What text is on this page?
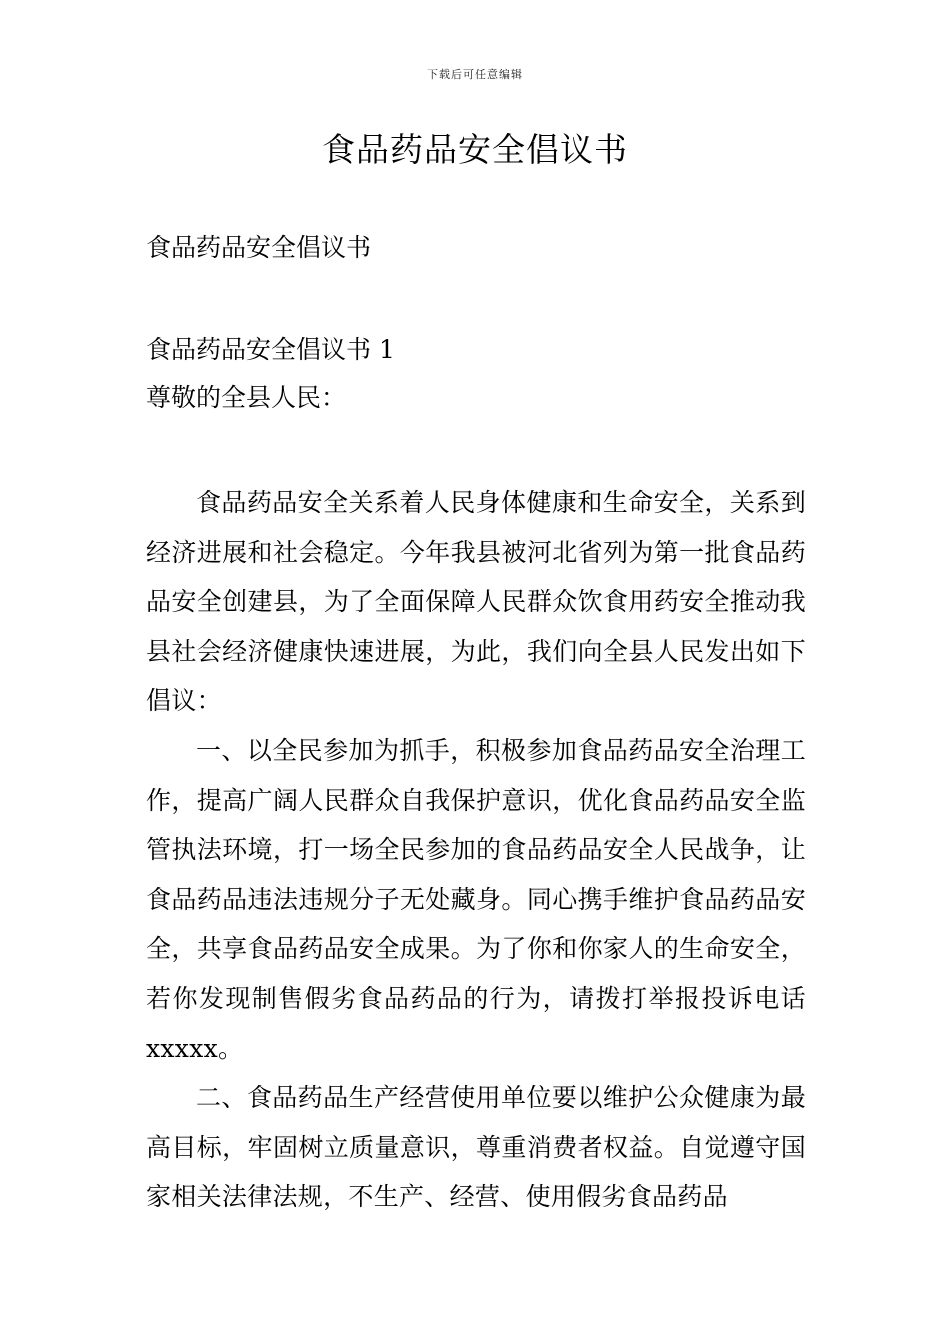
下载后可任意编辑
食品药品安全倡议书
食品药品安全倡议书
食品药品安全倡议书 1
尊敬的全县人民：

食品药品安全关系着人民身体健康和生命安全，关系到经济进展和社会稳定。今年我县被河北省列为第一批食品药品安全创建县，为了全面保障人民群众饮食用药安全推动我县社会经济健康快速进展，为此，我们向全县人民发出如下倡议：

一、以全民参加为抓手，积极参加食品药品安全治理工作，提高广阔人民群众自我保护意识，优化食品药品安全监管执法环境，打一场全民参加的食品药品安全人民战争，让食品药品违法违规分子无处藏身。同心携手维护食品药品安全，共享食品药品安全成果。为了你和你家人的生命安全，若你发现制售假劣食品药品的行为，请拨打举报投诉电话 xxxxx。

二、食品药品生产经营使用单位要以维护公众健康为最高目标，牢固树立质量意识，尊重消费者权益。自觉遵守国家相关法律法规，不生产、经营、使用假劣食品药品
